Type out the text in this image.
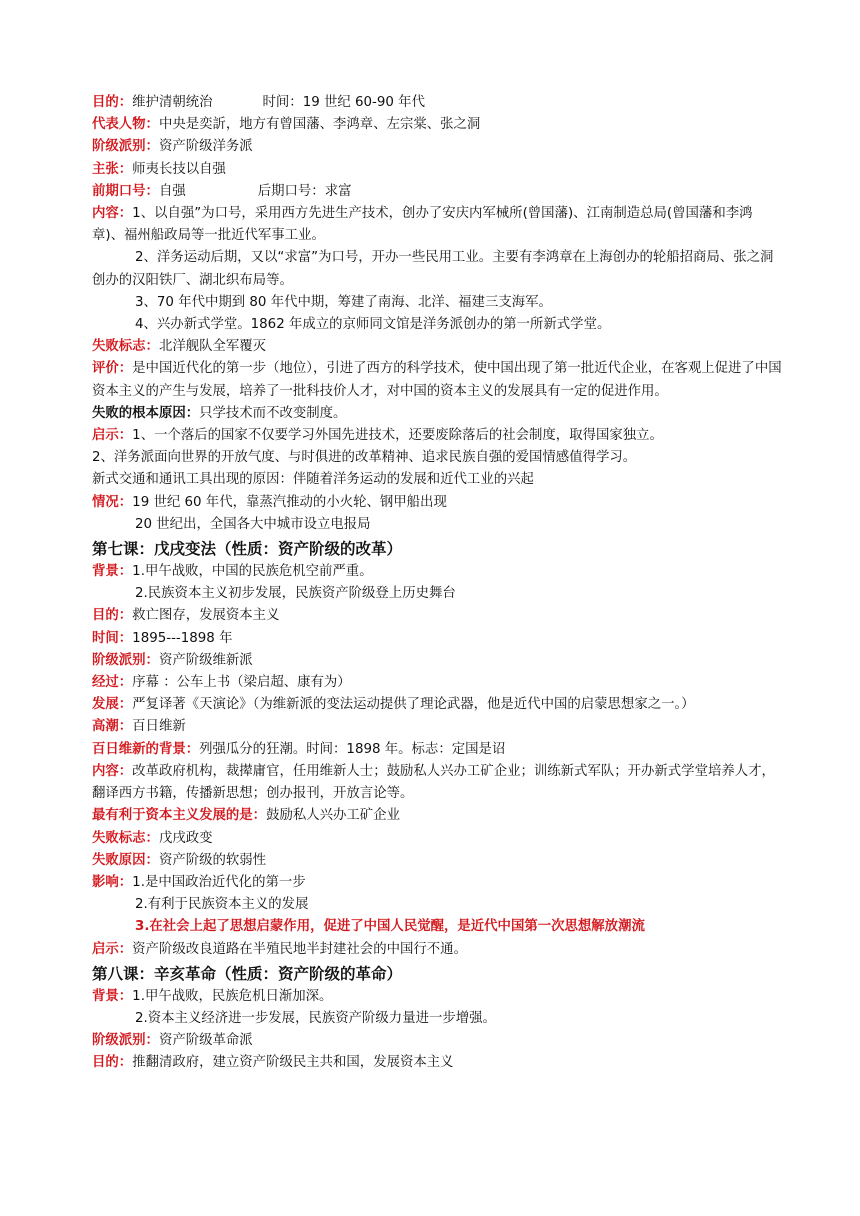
目的：维护清朝统治	时间：19 世纪 60-90 年代
代表人物：中央是奕訢，地方有曾国藩、李鸿章、左宗棠、张之洞
阶级派别：资产阶级洋务派
主张：师夷长技以自强
前期口号：自强	后期口号：求富
内容：1、以自强”为口号，采用西方先进生产技术，创办了安庆内军械所(曾国藩)、江南制造总局(曾国藩和李鸿章)、福州船政局等一批近代军事工业。
2、洋务运动后期，又以“求富”为口号，开办一些民用工业。主要有李鸿章在上海创办的轮船招商局、张之洞创办的汉阳铁厂、湖北织布局等。
3、70 年代中期到 80 年代中期，筹建了南海、北洋、福建三支海军。
4、兴办新式学堂。1862 年成立的京师同文馆是洋务派创办的第一所新式学堂。
失败标志：北洋舰队全军覆灭
评价：是中国近代化的第一步（地位），引进了西方的科学技术，使中国出现了第一批近代企业，在客观上促进了中国资本主义的产生与发展，培养了一批科技价人才，对中国的资本主义的发展具有一定的促进作用。
失败的根本原因：只学技术而不改变制度。
启示：1、一个落后的国家不仅要学习外国先进技术，还要废除落后的社会制度，取得国家独立。
2、洋务派面向世界的开放气度、与时俱进的改革精神、追求民族自强的爱国情感值得学习。
新式交通和通讯工具出现的原因：伴随着洋务运动的发展和近代工业的兴起
情况：19 世纪 60 年代，靠蒸汽推动的小火轮、钢甲船出现
20 世纪出，全国各大中城市设立电报局
第七课：戊戌变法（性质：资产阶级的改革）
背景：1.甲午战败，中国的民族危机空前严重。
2.民族资本主义初步发展，民族资产阶级登上历史舞台
目的：救亡图存，发展资本主义
时间：1895---1898 年
阶级派别：资产阶级维新派
经过：序幕 ：公车上书（梁启超、康有为）
发展：严复译著《天演论》（为维新派的变法运动提供了理论武器，他是近代中国的启蒙思想家之一。）
高潮：百日维新
百日维新的背景：列强瓜分的狂潮。时间：1898 年。标志：定国是诏
内容：改革政府机构，裁撵庸官，任用维新人士；鼓励私人兴办工矿企业；训练新式军队；开办新式学堂培养人才，翻译西方书籍，传播新思想；创办报刊，开放言论等。
最有利于资本主义发展的是：鼓励私人兴办工矿企业
失败标志：戊戌政变
失败原因：资产阶级的软弱性
影响：1.是中国政治近代化的第一步
2.有利于民族资本主义的发展
3.在社会上起了思想启蒙作用，促进了中国人民觉醒，是近代中国第一次思想解放潮流
启示：资产阶级改良道路在半殖民地半封建社会的中国行不通。
第八课：辛亥革命（性质：资产阶级的革命）
背景：1.甲午战败，民族危机日渐加深。
2.资本主义经济进一步发展，民族资产阶级力量进一步增强。
阶级派别：资产阶级革命派
目的：推翻清政府，建立资产阶级民主共和国，发展资本主义
